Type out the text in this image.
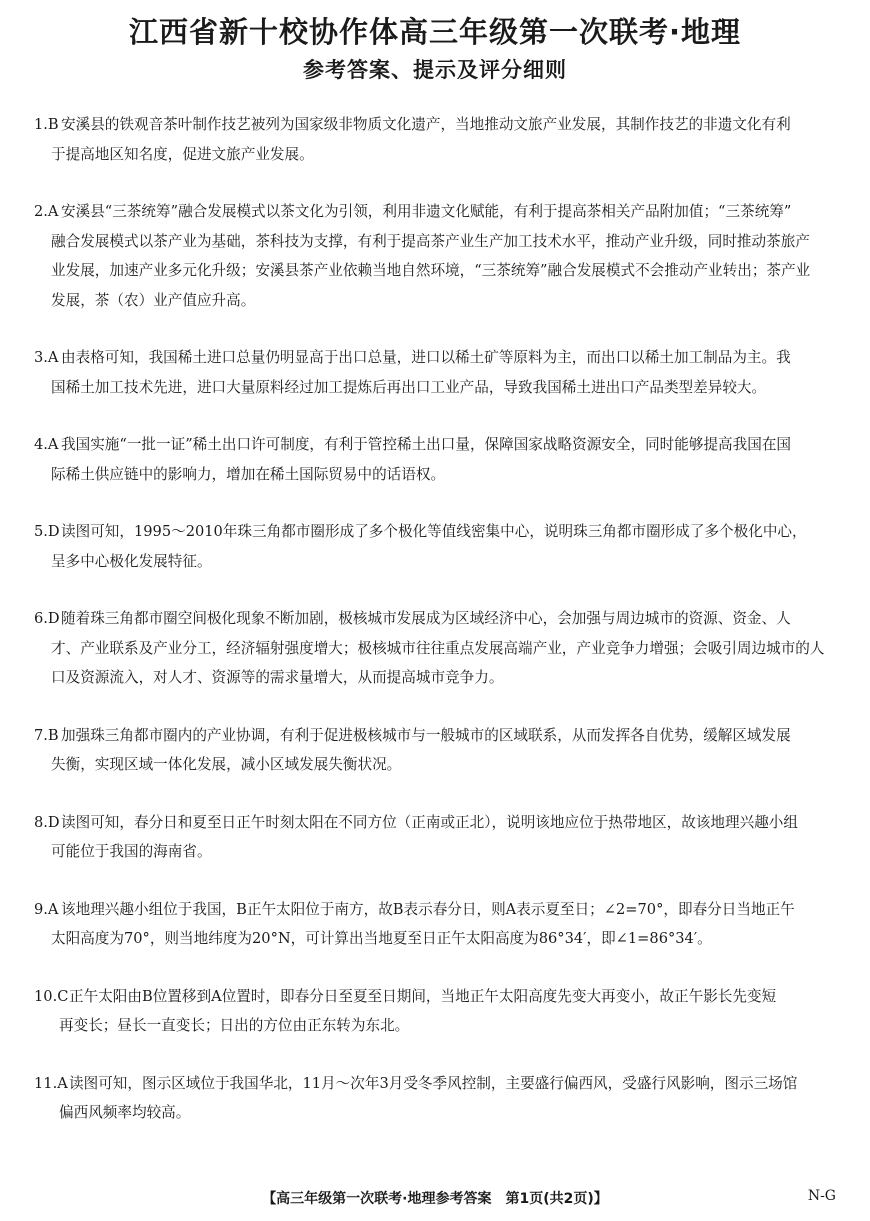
江西省新十校协作体高三年级第一次联考·地理
参考答案、提示及评分细则

1.B 安溪县的铁观音茶叶制作技艺被列为国家级非物质文化遗产，当地推动文旅产业发展，其制作技艺的非遗文化有利

于提高地区知名度，促进文旅产业发展。

2.A 安溪县“三茶统筹”融合发展模式以茶文化为引领，利用非遗文化赋能，有利于提高茶相关产品附加值；“三茶统筹”

融合发展模式以茶产业为基础，茶科技为支撑，有利于提高茶产业生产加工技术水平，推动产业升级，同时推动茶旅产

业发展，加速产业多元化升级；安溪县茶产业依赖当地自然环境，“三茶统筹”融合发展模式不会推动产业转出；茶产业

发展，茶（农）业产值应升高。

3.A 由表格可知，我国稀土进口总量仍明显高于出口总量，进口以稀土矿等原料为主，而出口以稀土加工制品为主。我

国稀土加工技术先进，进口大量原料经过加工提炼后再出口工业产品，导致我国稀土进出口产品类型差异较大。

4.A 我国实施“一批一证”稀土出口许可制度，有利于管控稀土出口量，保障国家战略资源安全，同时能够提高我国在国

际稀土供应链中的影响力，增加在稀土国际贸易中的话语权。

5.D读图可知，1995～2010年珠三角都市圈形成了多个极化等值线密集中心，说明珠三角都市圈形成了多个极化中心，

呈多中心极化发展特征。

6.D随着珠三角都市圈空间极化现象不断加剧，极核城市发展成为区域经济中心，会加强与周边城市的资源、资金、人

才、产业联系及产业分工，经济辐射强度增大；极核城市往往重点发展高端产业，产业竞争力增强；会吸引周边城市的人

口及资源流入，对人才、资源等的需求量增大，从而提高城市竞争力。

7.B 加强珠三角都市圈内的产业协调，有利于促进极核城市与一般城市的区域联系，从而发挥各自优势，缓解区域发展

失衡，实现区域一体化发展，减小区域发展失衡状况。

8.D读图可知，春分日和夏至日正午时刻太阳在不同方位（正南或正北），说明该地应位于热带地区，故该地理兴趣小组

可能位于我国的海南省。

9.A 该地理兴趣小组位于我国，B正午太阳位于南方，故B表示春分日，则A表示夏至日；∠2=70°，即春分日当地正午

太阳高度为70°，则当地纬度为20°N，可计算出当地夏至日正午太阳高度为86°34′，即∠1=86°34′。

10.C正午太阳由B位置移到A位置时，即春分日至夏至日期间，当地正午太阳高度先变大再变小，故正午影长先变短

再变长；昼长一直变长；日出的方位由正东转为东北。

11.A读图可知，图示区域位于我国华北，11月～次年3月受冬季风控制，主要盛行偏西风，受盛行风影响，图示三场馆

偏西风频率均较高。

【高三年级第一次联考·地理参考答案　第1页(共2页)】	N-G
